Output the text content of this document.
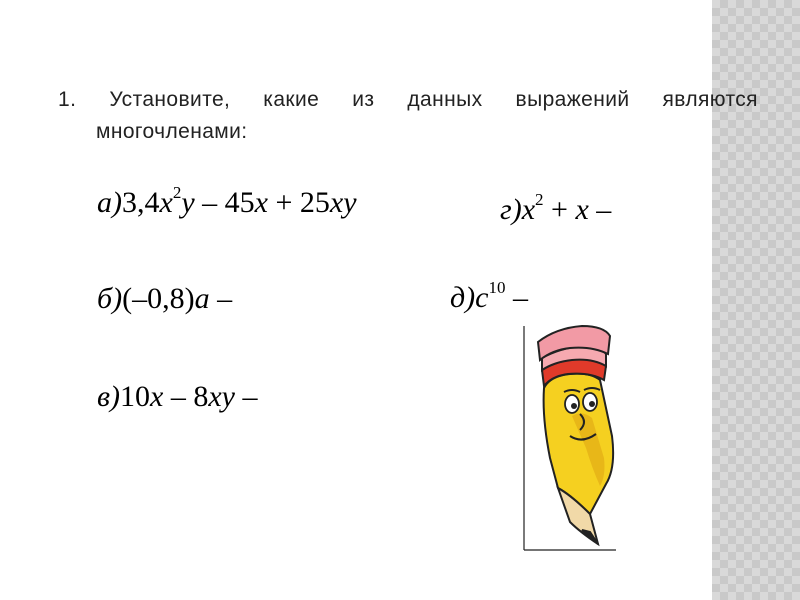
1. Установите, какие из данных выражений являются
многочленами:
$а)3,4x^2y - 45x + 25xy$	$г)x^2 + x$ –
б)(–0,8)a –	$д)c^{10}$ –
в)10x – 8xy –
